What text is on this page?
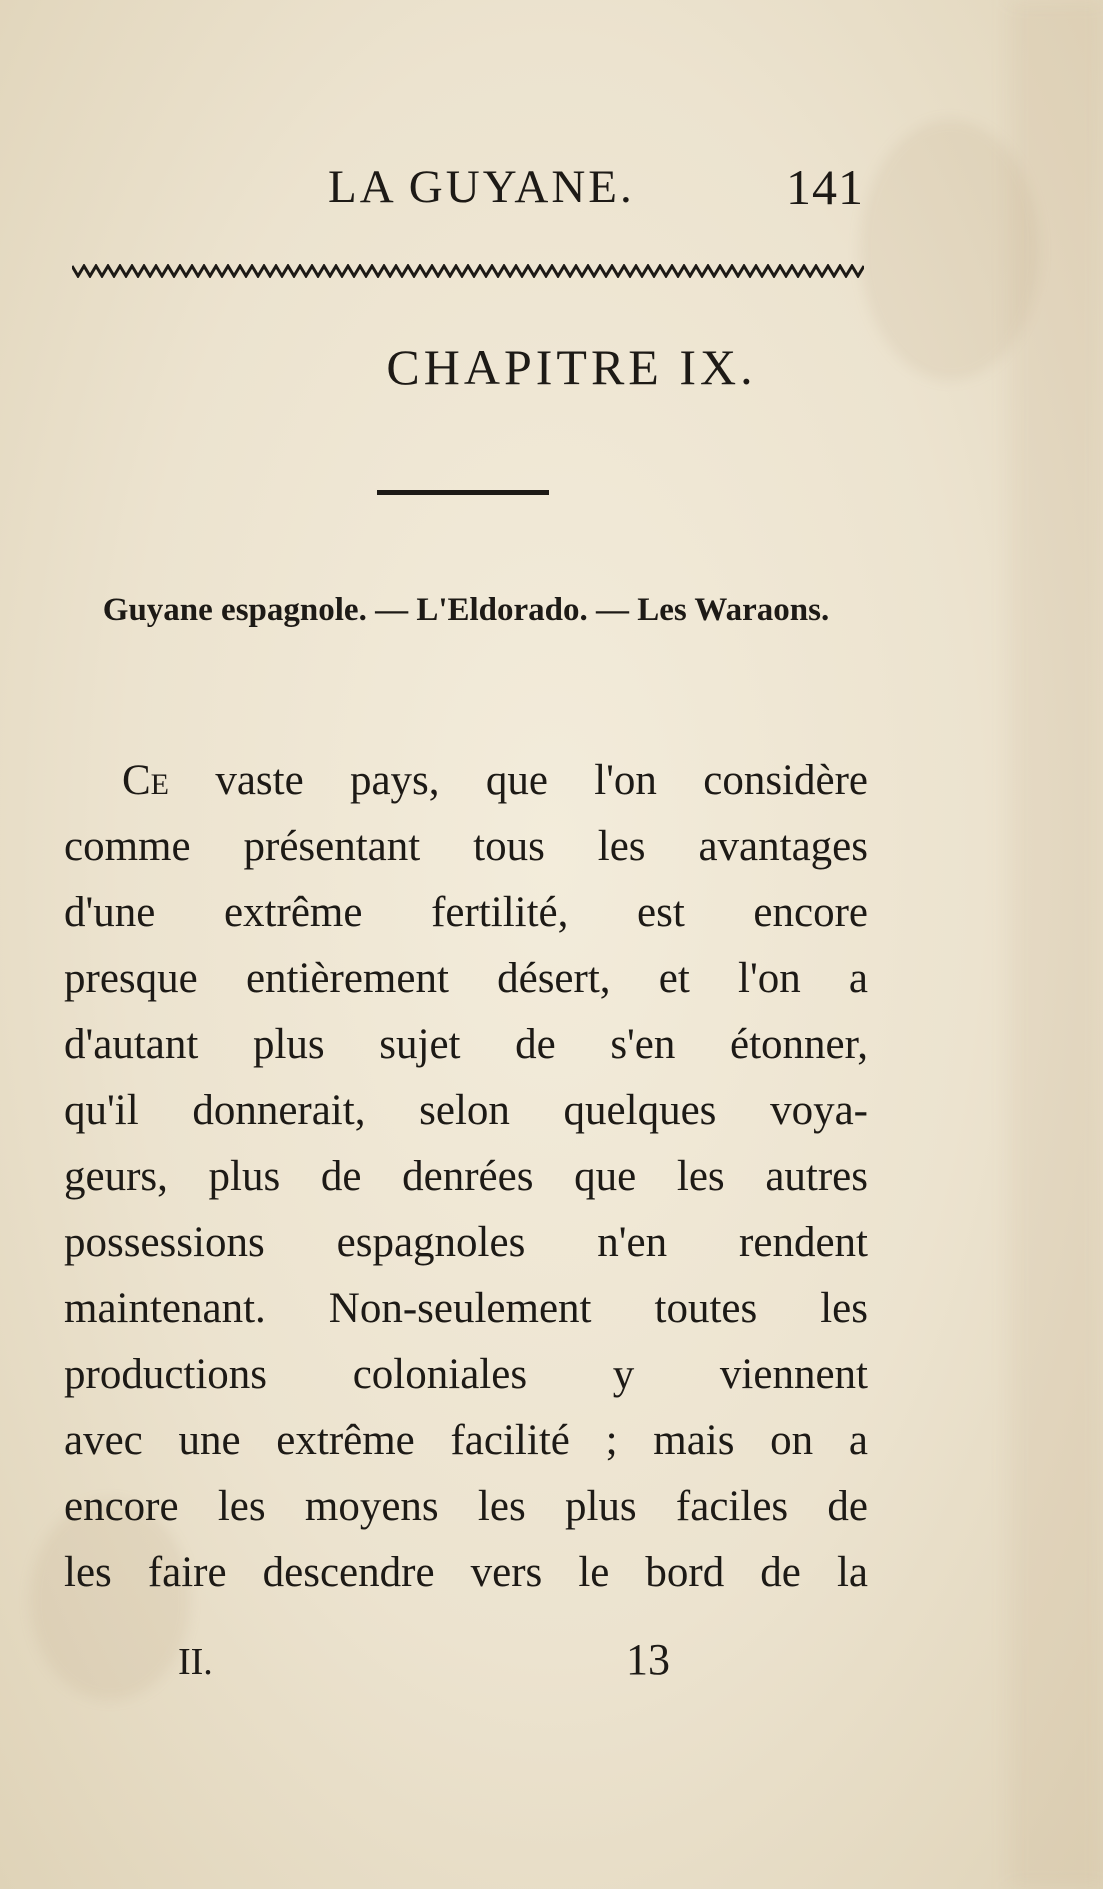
LA GUYANE.	141
CHAPITRE IX.
Guyane espagnole. — L'Eldorado. — Les Waraons.
Ce vaste pays, que l'on considère
comme présentant tous les avantages
d'une extrême fertilité, est encore
presque entièrement désert, et l'on a
d'autant plus sujet de s'en étonner,
qu'il donnerait, selon quelques voya-
geurs, plus de denrées que les autres
possessions espagnoles n'en rendent
maintenant. Non-seulement toutes les
productions coloniales y viennent
avec une extrême facilité ; mais on a
encore les moyens les plus faciles de
les faire descendre vers le bord de la
II.	13
